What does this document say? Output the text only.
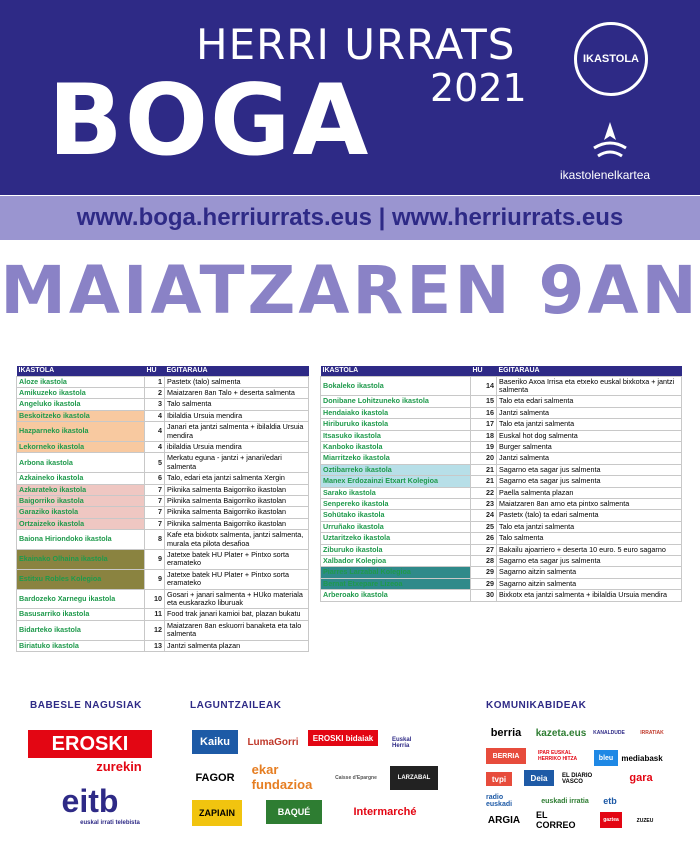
HERRI URRATS
BOGA 2021
IKASTOLA
ikastolenelkartea
www.boga.herriurrats.eus | www.herriurrats.eus
MAIATZAREN 9AN
IKASTOLA	HU	EGITARAUA
Aloze ikastola	1	Pastetx (talo) salmenta
Amikuzeko ikastola	2	Maiatzaren 8an Talo + deserta salmenta
Angeluko ikastola	3	Talo salmenta
Beskoitzeko ikastola	4	Ibilaldia Ursuia mendira
Hazparneko ikastola	4	Janari eta jantzi salmenta + ibilaldia Ursuia mendira
Lekorneko ikastola	4	ibilaldia Ursuia mendira
Arbona ikastola	5	Merkatu eguna - jantzi + janari/edari salmenta
Azkaineko ikastola	6	Talo, edari eta jantzi salmenta Xergin
Azkarateko ikastola	7	Piknika salmenta Baigorriko ikastolan
Baigorriko ikastola	7	Piknika salmenta Baigorriko ikastolan
Garaziko ikastola	7	Piknika salmenta Baigorriko ikastolan
Ortzaizeko ikastola	7	Piknika salmenta Baigorriko ikastolan
Baiona Hiriondoko ikastola	8	Kafe eta bixkotx salmenta, jantzi salmenta, murala eta pilota desafioa
Ekainako Olhaina ikastola	9	Jatetxe batek HU Plater + Pintxo sorta eramateko
Estitxu Robles Kolegioa	9	Jatetxe batek HU Plater + Pintxo sorta eramateko
Bardozeko Xarnegu ikastola	10	Gosari + janari salmenta + HUko materiala eta euskarazko liburuak
Basusarriko ikastola	11	Food trak janari kamioi bat, plazan bukatu
Bidarteko ikastola	12	Maiatzaren 8an eskuorri banaketa eta talo salmenta
Biriatuko ikastola	13	Jantzi salmenta plazan
IKASTOLA	HU	EGITARAUA
Bokaleko ikastola	14	Baseriko Axoa Irrisa eta etxeko euskal bixkotxa + jantzi salmenta
Donibane Lohitzuneko ikastola	15	Talo eta edari salmenta
Hendaiako ikastola	16	Jantzi salmenta
Hiriburuko ikastola	17	Talo eta jantzi salmenta
Itsasuko ikastola	18	Euskal hot dog salmenta
Kanboko ikastola	19	Burger salmenta
Miarritzeko ikastola	20	Jantzi salmenta
Oztibarreko ikastola	21	Sagarno eta sagar jus salmenta
Manex Erdozainzi Etxart Kolegioa	21	Sagarno eta sagar jus salmenta
Sarako ikastola	22	Paella salmenta plazan
Senpereko ikastola	23	Maiatzaren 8an arno eta pintxo salmenta
Sohütako ikastola	24	Pastetx (talo) ta edari salmenta
Urruñako ikastola	25	Talo eta jantzi salmenta
Uztaritzeko ikastola	26	Talo salmenta
Ziburuko ikastola	27	Bakailu ajoarriero + deserta 10 euro. 5 euro sagarno
Xalbador Kolegioa	28	Sagarno eta sagar jus salmenta
Piarres Larzabal Kolegioa	29	Sagarno aitzin salmenta
Bernat Etxepare Lizeoa	29	Sagarno aitzin salmenta
Arberoako ikastola	30	Bixkotx eta jantzi salmenta + ibilaldia Ursuia mendira
BABESLE NAGUSIAK	LAGUNTZAILEAK	KOMUNIKABIDEAK
EROSKI
zurekin
eitb
euskal irrati telebista
Kaiku	LumaGorri	EROSKI bidaiak	Euskal Herria
FAGOR
ekar fundazioa	Caisse d'Epargne	LARZABAL
ZAPIAIN	BAQUÉ	Intermarché
berria	kazeta.eus KANALDUDE	IRRATIAK
BERRIA	IPAR EUSKAL HERRIKO HITZA	bleu	mediabask
tvpi	Deia	EL DIARIO VASCO	gara
radio euskadi	euskadi irratia	etb
ARGIA EL CORREO	gaztea	ZUZEU
